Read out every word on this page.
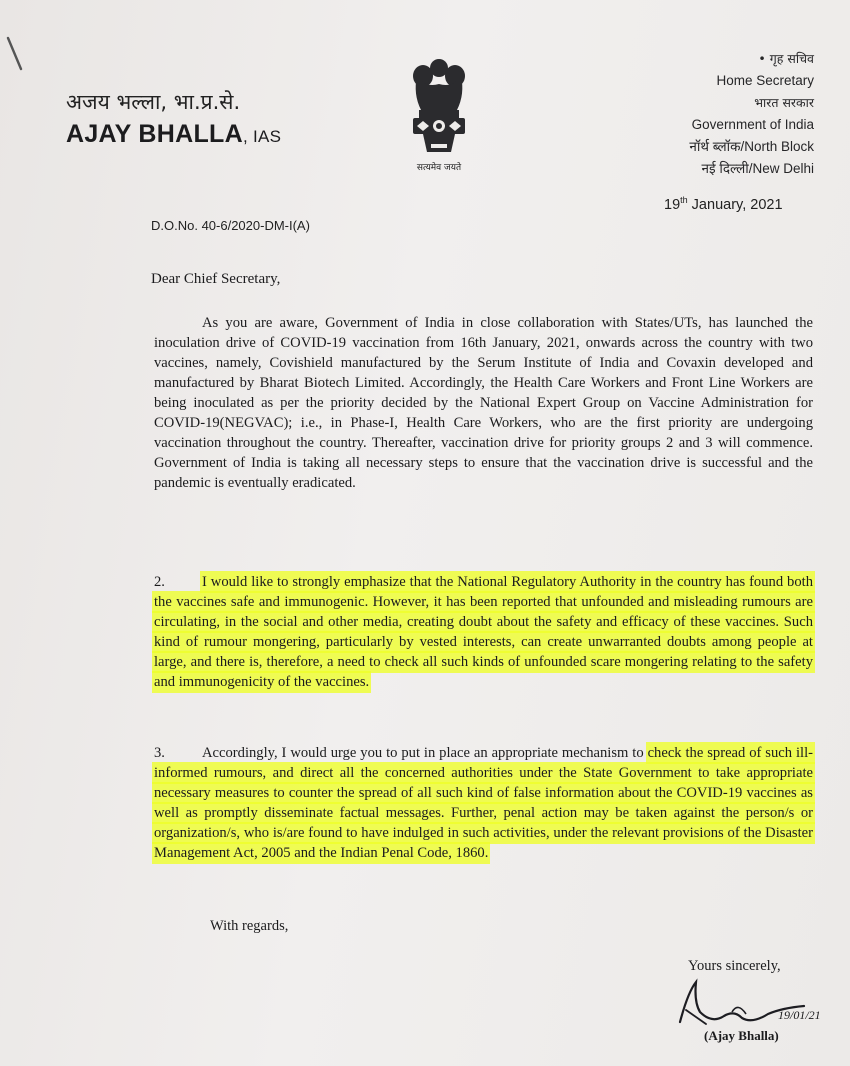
अजय भल्ला, भा.प्र.से.
AJAY BHALLA, IAS
सत्यमेव जयते
• गृह सचिव
Home Secretary
भारत सरकार
Government of India
नॉर्थ ब्लॉक/North Block
नई दिल्ली/New Delhi
19th January, 2021
D.O.No. 40-6/2020-DM-I(A)
Dear Chief Secretary,
As you are aware, Government of India in close collaboration with States/UTs, has launched the inoculation drive of COVID-19 vaccination from 16th January, 2021, onwards across the country with two vaccines, namely, Covishield manufactured by the Serum Institute of India and Covaxin developed and manufactured by Bharat Biotech Limited. Accordingly, the Health Care Workers and Front Line Workers are being inoculated as per the priority decided by the National Expert Group on Vaccine Administration for COVID-19(NEGVAC); i.e., in Phase-I, Health Care Workers, who are the first priority are undergoing vaccination throughout the country. Thereafter, vaccination drive for priority groups 2 and 3 will commence. Government of India is taking all necessary steps to ensure that the vaccination drive is successful and the pandemic is eventually eradicated.
2.	I would like to strongly emphasize that the National Regulatory Authority in the country has found both the vaccines safe and immunogenic. However, it has been reported that unfounded and misleading rumours are circulating, in the social and other media, creating doubt about the safety and efficacy of these vaccines. Such kind of rumour mongering, particularly by vested interests, can create unwarranted doubts among people at large, and there is, therefore, a need to check all such kinds of unfounded scare mongering relating to the safety and immunogenicity of the vaccines.
3.	Accordingly, I would urge you to put in place an appropriate mechanism to check the spread of such ill-informed rumours, and direct all the concerned authorities under the State Government to take appropriate necessary measures to counter the spread of all such kind of false information about the COVID-19 vaccines as well as promptly disseminate factual messages. Further, penal action may be taken against the person/s or organization/s, who is/are found to have indulged in such activities, under the relevant provisions of the Disaster Management Act, 2005 and the Indian Penal Code, 1860.
With regards,
Yours sincerely,
19/01/21
(Ajay Bhalla)
